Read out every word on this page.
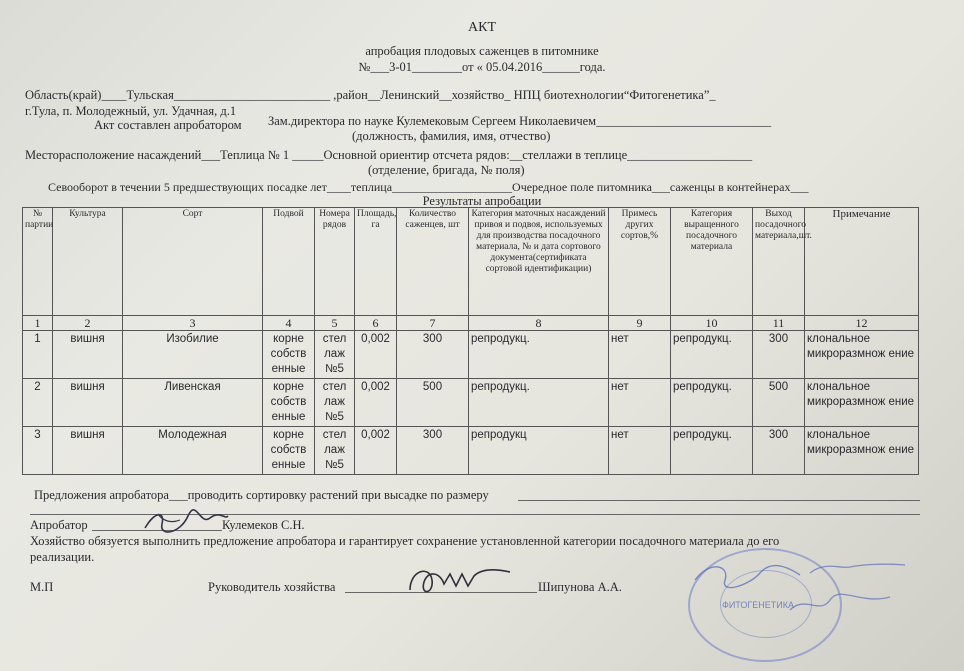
АКТ
апробация плодовых саженцев в питомнике
№___3-01________от « 05.04.2016______года.
Область(край)____Тульская_________________________ ,район__Ленинский__хозяйство_ НПЦ биотехнологии“Фитогенетика”_
г.Тула, п. Молодежный, ул. Удачная, д.1
Акт составлен апробатором Зам.директора по науке Кулемековым Сергеем Николаевичем____________________________
(должность, фамилия, имя, отчество)
Месторасположение насаждений___Теплица № 1 _____Основной ориентир отсчета рядов:__стеллажи в теплице____________________
(отделение, бригада, № поля)
Севооборот в течении 5 предшествующих посадке лет____теплица____________________Очередное поле питомника___саженцы в контейнерах___
Результаты апробации
№ партии	Культура	Сорт	Подвой	Номера рядов	Площадь, га	Количество саженцев, шт	Категория маточных насаждений привоя и подвоя, используемых для производства посадочного материала, № и дата сортового документа(сертификата сортовой идентификации)	Примесь других сортов,%	Категория выращенного посадочного материала	Выход посадочного материала,шт.	Примечание
1	2	3	4	5	6	7	8	9	10	11	12
1	вишня	Изобилие	корне собств енные	стел лаж №5	0,002	300	репродукц.	нет	репродукц.	300	клональное микроразмнож ение
2	вишня	Ливенская	корне собств енные	стел лаж №5	0,002	500	репродукц.	нет	репродукц.	500	клональное микроразмнож ение
3	вишня	Молодежная	корне собств енные	стел лаж №5	0,002	300	репродукц	нет	репродукц.	300	клональное микроразмнож ение
Предложения апробатора___проводить сортировку растений при высадке по размеру
Апробатор	Кулемеков С.Н.
Хозяйство обязуется выполнить предложение апробатора и гарантирует сохранение установленной категории посадочного материала до его
реализации.
М.П	Руководитель хозяйства	Шипунова А.А.
ФИТОГЕНЕТИКА
